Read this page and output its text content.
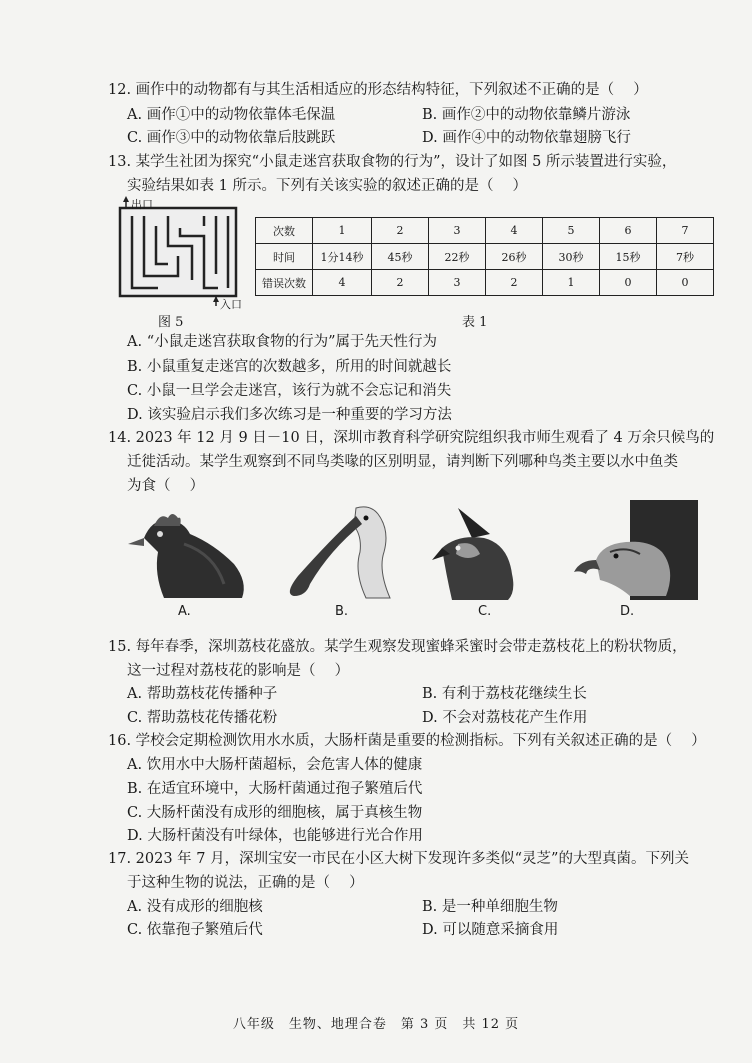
12. 画作中的动物都有与其生活相适应的形态结构特征，下列叙述不正确的是（　 ）
A. 画作①中的动物依靠体毛保温	B. 画作②中的动物依靠鳞片游泳
C. 画作③中的动物依靠后肢跳跃	D. 画作④中的动物依靠翅膀飞行
13. 某学生社团为探究“小鼠走迷宫获取食物的行为”，设计了如图 5 所示装置进行实验，
实验结果如表 1 所示。下列有关该实验的叙述正确的是（　 ）
出口
入口
图 5
次数	1	2	3	4	5	6	7
时间	1分14秒	45秒	22秒	26秒	30秒	15秒	7秒
错误次数	4	2	3	2	1	0	0
表 1
A. “小鼠走迷宫获取食物的行为”属于先天性行为
B. 小鼠重复走迷宫的次数越多，所用的时间就越长
C. 小鼠一旦学会走迷宫，该行为就不会忘记和消失
D. 该实验启示我们多次练习是一种重要的学习方法
14. 2023 年 12 月 9 日－10 日，深圳市教育科学研究院组织我市师生观看了 4 万余只候鸟的
迁徙活动。某学生观察到不同鸟类喙的区别明显，请判断下列哪种鸟类主要以水中鱼类
为食（　 ）
A.	B.	C.	D.
15. 每年春季，深圳荔枝花盛放。某学生观察发现蜜蜂采蜜时会带走荔枝花上的粉状物质，
这一过程对荔枝花的影响是（　 ）
A. 帮助荔枝花传播种子	B. 有利于荔枝花继续生长
C. 帮助荔枝花传播花粉	D. 不会对荔枝花产生作用
16. 学校会定期检测饮用水水质，大肠杆菌是重要的检测指标。下列有关叙述正确的是（　 ）
A. 饮用水中大肠杆菌超标，会危害人体的健康
B. 在适宜环境中，大肠杆菌通过孢子繁殖后代
C. 大肠杆菌没有成形的细胞核，属于真核生物
D. 大肠杆菌没有叶绿体，也能够进行光合作用
17. 2023 年 7 月，深圳宝安一市民在小区大树下发现许多类似“灵芝”的大型真菌。下列关
于这种生物的说法，正确的是（　 ）
A. 没有成形的细胞核	B. 是一种单细胞生物
C. 依靠孢子繁殖后代	D. 可以随意采摘食用
八年级　生物、地理合卷　第 3 页　共 12 页
